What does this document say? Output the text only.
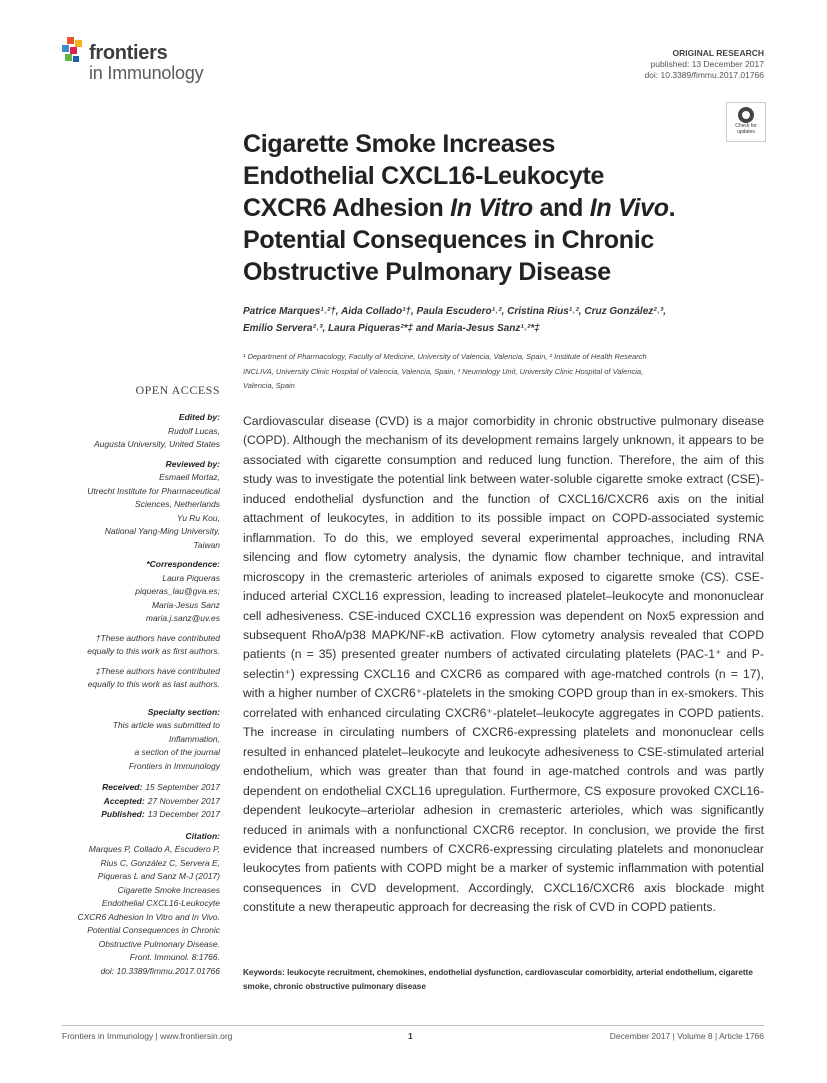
frontiers
in Immunology
ORIGINAL RESEARCH
published: 13 December 2017
doi: 10.3389/fimmu.2017.01766
Check for
updates
Cigarette Smoke Increases
Endothelial CXCL16-Leukocyte
CXCR6 Adhesion In Vitro and In Vivo.
Potential Consequences in Chronic
Obstructive Pulmonary Disease
Patrice Marques¹˒²†, Aida Collado¹†, Paula Escudero¹˒², Cristina Rius¹˒², Cruz González²˒³,
Emilio Servera²˒³, Laura Piqueras²*‡ and Maria-Jesus Sanz¹˒²*‡
¹ Department of Pharmacology, Faculty of Medicine, University of Valencia, Valencia, Spain, ² Institute of Health Research
INCLIVA, University Clinic Hospital of Valencia, Valencia, Spain, ³ Neumology Unit, University Clinic Hospital of Valencia,
Valencia, Spain
OPEN ACCESS
Edited by:
Rudolf Lucas,
Augusta University, United States
Reviewed by:
Esmaeil Mortaz,
Utrecht Institute for Pharmaceutical
Sciences, Netherlands
Yu Ru Kou,
National Yang-Ming University,
Taiwan
*Correspondence:
Laura Piqueras
piqueras_lau@gva.es;
Maria-Jesus Sanz
maria.j.sanz@uv.es
†These authors have contributed
equally to this work as first authors.
‡These authors have contributed
equally to this work as last authors.
Specialty section:
This article was submitted to
Inflammation,
a section of the journal
Frontiers in Immunology
Received: 15 September 2017
Accepted: 27 November 2017
Published: 13 December 2017
Citation:
Marques P, Collado A, Escudero P,
Rius C, González C, Servera E,
Piqueras L and Sanz M-J (2017)
Cigarette Smoke Increases
Endothelial CXCL16-Leukocyte
CXCR6 Adhesion In Vitro and In Vivo.
Potential Consequences in Chronic
Obstructive Pulmonary Disease.
Front. Immunol. 8:1766.
doi: 10.3389/fimmu.2017.01766

Cardiovascular disease (CVD) is a major comorbidity in chronic obstructive pulmonary disease (COPD). Although the mechanism of its development remains largely unknown, it appears to be associated with cigarette consumption and reduced lung function. Therefore, the aim of this study was to investigate the potential link between water-soluble cigarette smoke extract (CSE)-induced endothelial dysfunction and the function of CXCL16/CXCR6 axis on the initial attachment of leukocytes, in addition to its possible impact on COPD-associated systemic inflammation. To do this, we employed several experimental approaches, including RNA silencing and flow cytometry analysis, the dynamic flow chamber technique, and intravital microscopy in the cremasteric arterioles of animals exposed to cigarette smoke (CS). CSE-induced arterial CXCL16 expression, leading to increased platelet–leukocyte and mononuclear cell adhesiveness. CSE-induced CXCL16 expression was dependent on Nox5 expression and subsequent RhoA/p38 MAPK/NF-κB activation. Flow cytometry analysis revealed that COPD patients (n = 35) presented greater numbers of activated circulating platelets (PAC-1⁺ and P-selectin⁺) expressing CXCL16 and CXCR6 as compared with age-matched controls (n = 17), with a higher number of CXCR6⁺-platelets in the smoking COPD group than in ex-smokers. This correlated with enhanced circulating CXCR6⁺-platelet–leukocyte aggregates in COPD patients. The increase in circulating numbers of CXCR6-expressing platelets and mononuclear cells resulted in enhanced platelet–leukocyte and leukocyte adhesiveness to CSE-stimulated arterial endothelium, which was greater than that found in age-matched controls and was partly dependent on endothelial CXCL16 upregulation. Furthermore, CS exposure provoked CXCL16-dependent leukocyte–arteriolar adhesion in cremasteric arterioles, which was significantly reduced in animals with a nonfunctional CXCR6 receptor. In conclusion, we provide the first evidence that increased numbers of CXCR6-expressing circulating platelets and mononuclear leukocytes from patients with COPD might be a marker of systemic inflammation with potential consequences in CVD development. Accordingly, CXCL16/CXCR6 axis blockade might constitute a new therapeutic approach for decreasing the risk of CVD in COPD patients.

Keywords: leukocyte recruitment, chemokines, endothelial dysfunction, cardiovascular comorbidity, arterial endothelium, cigarette smoke, chronic obstructive pulmonary disease
Frontiers in Immunology | www.frontiersin.org	1	December 2017 | Volume 8 | Article 1766
